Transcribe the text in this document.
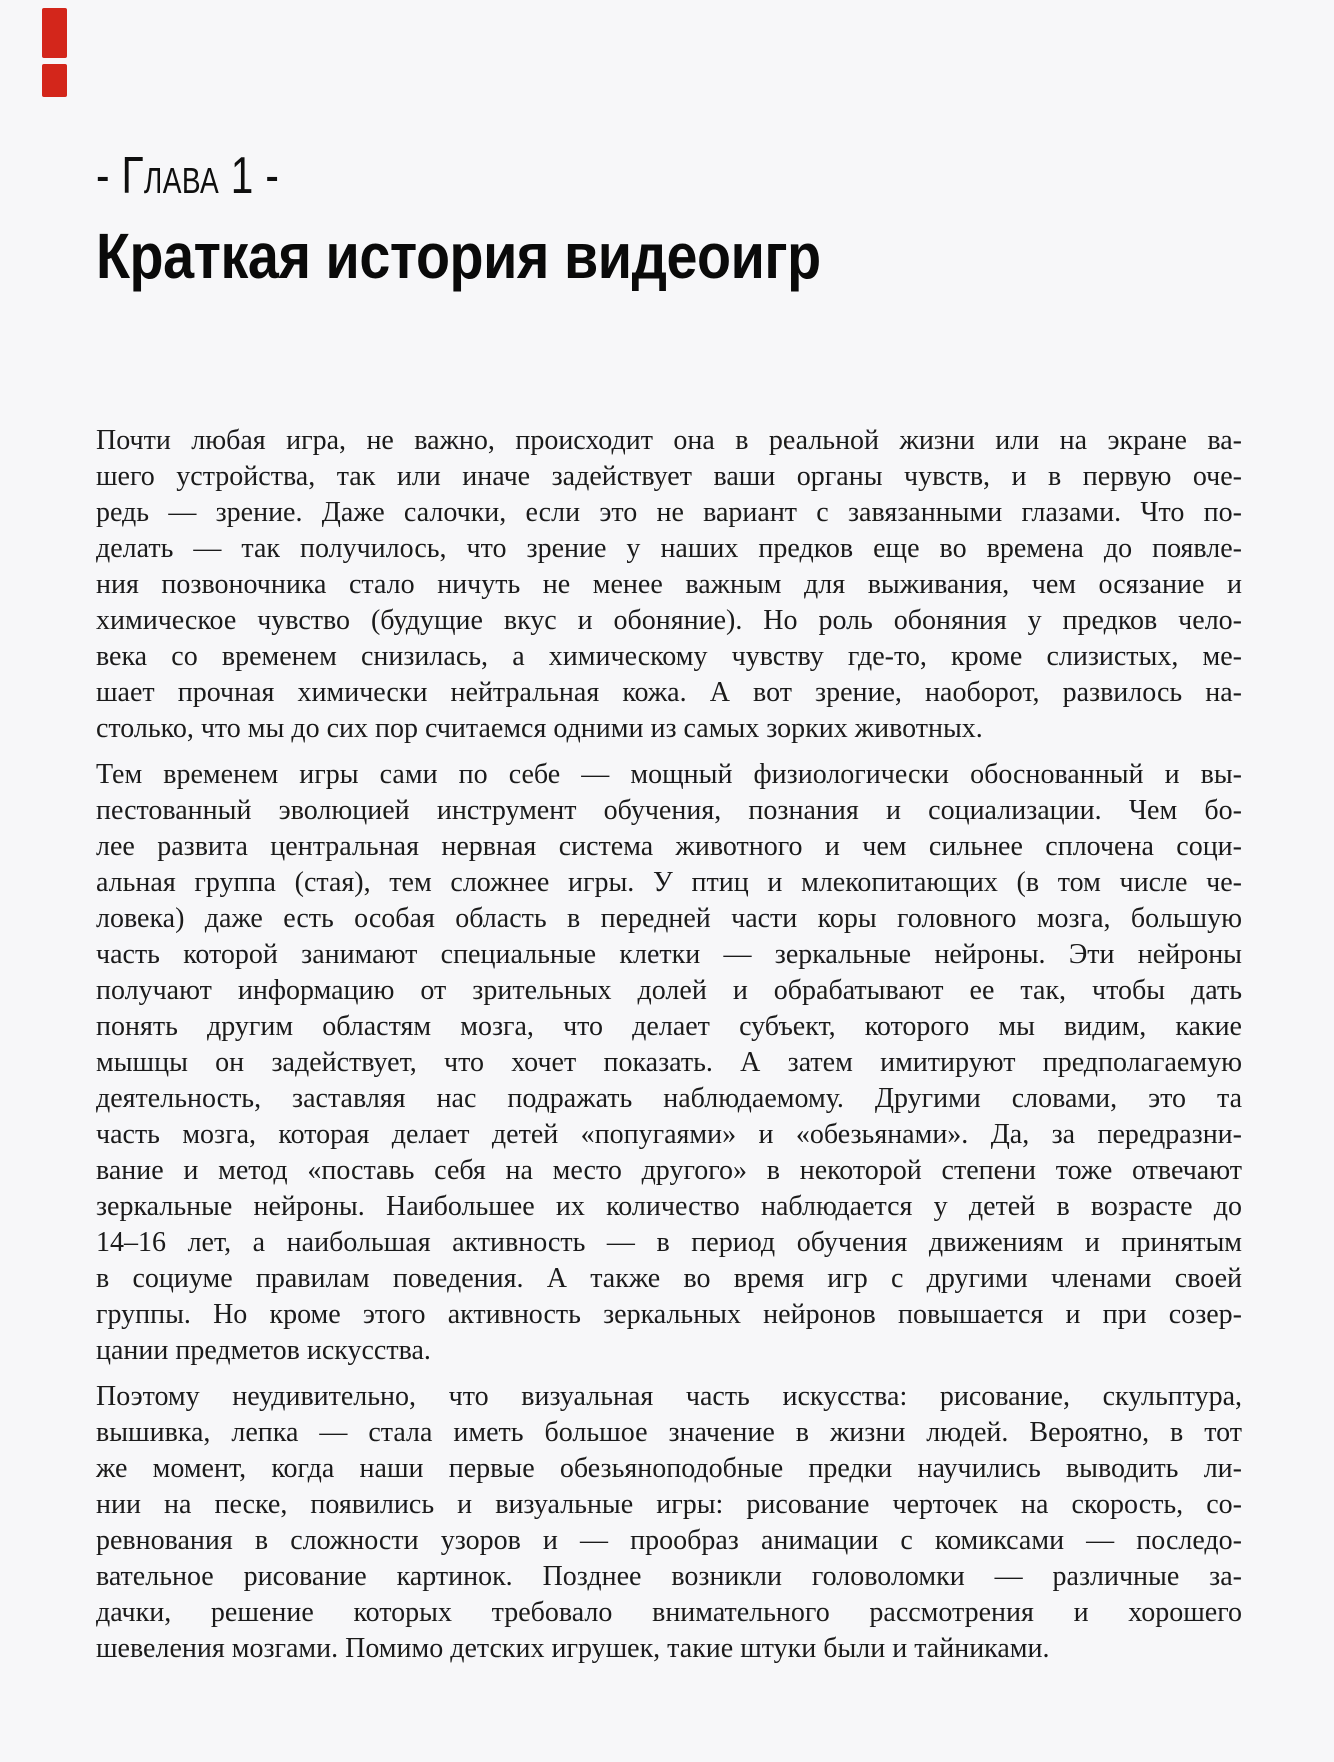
- Глава 1 -
Краткая история видеоигр
Почти любая игра, не важно, происходит она в реальной жизни или на экране ва-
шего устройства, так или иначе задействует ваши органы чувств, и в первую оче-
редь — зрение. Даже салочки, если это не вариант с завязанными глазами. Что по-
делать — так получилось, что зрение у наших предков еще во времена до появле-
ния позвоночника стало ничуть не менее важным для выживания, чем осязание и
химическое чувство (будущие вкус и обоняние). Но роль обоняния у предков чело-
века со временем снизилась, а химическому чувству где-то, кроме слизистых, ме-
шает прочная химически нейтральная кожа. А вот зрение, наоборот, развилось на-
столько, что мы до сих пор считаемся одними из самых зорких животных.
Тем временем игры сами по себе — мощный физиологически обоснованный и вы-
пестованный эволюцией инструмент обучения, познания и социализации. Чем бо-
лее развита центральная нервная система животного и чем сильнее сплочена соци-
альная группа (стая), тем сложнее игры. У птиц и млекопитающих (в том числе че-
ловека) даже есть особая область в передней части коры головного мозга, большую
часть которой занимают специальные клетки — зеркальные нейроны. Эти нейроны
получают информацию от зрительных долей и обрабатывают ее так, чтобы дать
понять другим областям мозга, что делает субъект, которого мы видим, какие
мышцы он задействует, что хочет показать. А затем имитируют предполагаемую
деятельность, заставляя нас подражать наблюдаемому. Другими словами, это та
часть мозга, которая делает детей «попугаями» и «обезьянами». Да, за передразни-
вание и метод «поставь себя на место другого» в некоторой степени тоже отвечают
зеркальные нейроны. Наибольшее их количество наблюдается у детей в возрасте до
14–16 лет, а наибольшая активность — в период обучения движениям и принятым
в социуме правилам поведения. А также во время игр с другими членами своей
группы. Но кроме этого активность зеркальных нейронов повышается и при созер-
цании предметов искусства.
Поэтому неудивительно, что визуальная часть искусства: рисование, скульптура,
вышивка, лепка — стала иметь большое значение в жизни людей. Вероятно, в тот
же момент, когда наши первые обезьяноподобные предки научились выводить ли-
нии на песке, появились и визуальные игры: рисование черточек на скорость, со-
ревнования в сложности узоров и — прообраз анимации с комиксами — последо-
вательное рисование картинок. Позднее возникли головоломки — различные за-
дачки, решение которых требовало внимательного рассмотрения и хорошего
шевеления мозгами. Помимо детских игрушек, такие штуки были и тайниками.
